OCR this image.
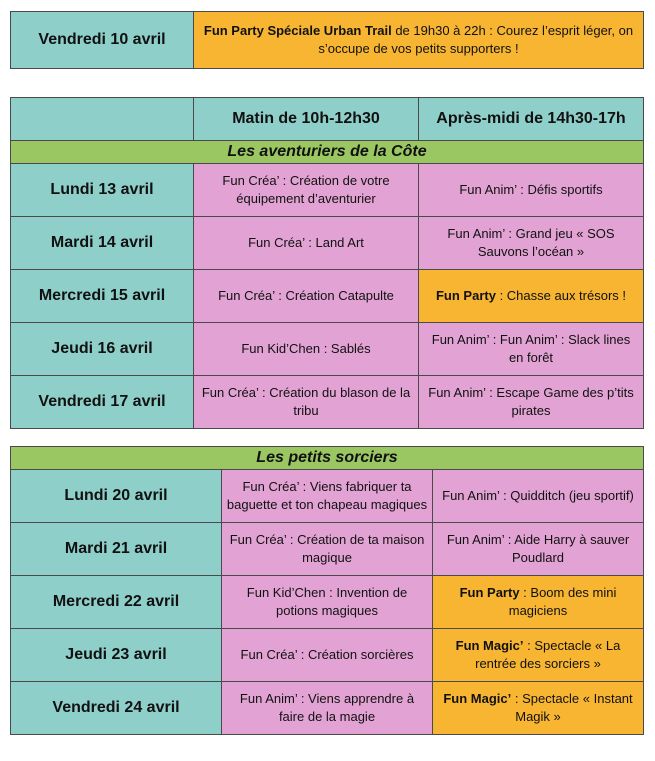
Vendredi 10 avril	Fun Party Spéciale Urban Trail de 19h30 à 22h : Courez l’esprit léger, on s’occupe de vos petits supporters !
	Matin de 10h-12h30	Après-midi de 14h30-17h
Les aventuriers de la Côte		
Lundi 13 avril	Fun Créa’ : Création de votre équipement d’aventurier	Fun Anim’ : Défis sportifs
Mardi 14 avril	Fun Créa’ : Land Art	Fun Anim’ : Grand jeu « SOS Sauvons l’océan »
Mercredi 15 avril	Fun Créa’ : Création Catapulte	Fun Party : Chasse aux trésors !
Jeudi 16 avril	Fun Kid’Chen : Sablés	Fun Anim’ : Fun Anim’ : Slack lines en forêt
Vendredi 17 avril	Fun Créa’ : Création du blason de la tribu	Fun Anim’ : Escape Game des p’tits pirates
Les petits sorciers		
Lundi 20 avril	Fun Créa’ : Viens fabriquer ta baguette et ton chapeau magiques	Fun Anim’ : Quidditch (jeu sportif)
Mardi 21 avril	Fun Créa’ : Création de ta maison magique	Fun Anim’ : Aide Harry à sauver Poudlard
Mercredi 22 avril	Fun Kid’Chen : Invention de potions magiques	Fun Party : Boom des mini magiciens
Jeudi 23 avril	Fun Créa’ : Création sorcières	Fun Magic’ : Spectacle « La rentrée des sorciers »
Vendredi 24 avril	Fun Anim’ : Viens apprendre à faire de la magie	Fun Magic’ : Spectacle « Instant Magik »
